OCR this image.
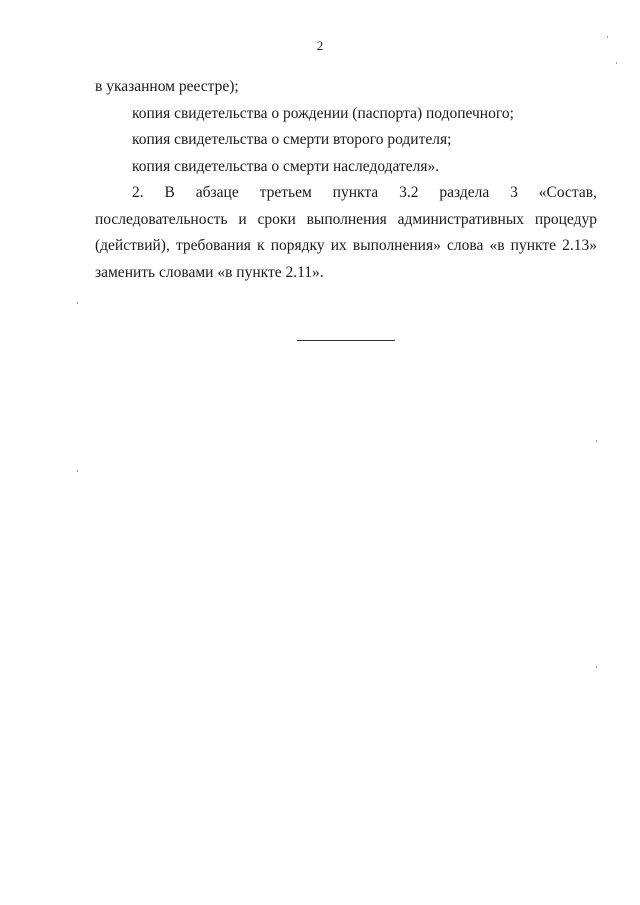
2

в указанном реестре);

копия свидетельства о рождении (паспорта) подопечного;

копия свидетельства о смерти второго родителя;

копия свидетельства о смерти наследодателя».

2. В абзаце третьем пункта 3.2 раздела 3 «Состав,

последовательность и сроки выполнения административных процедур

(действий), требования к порядку их выполнения» слова «в пункте 2.13»

заменить словами «в пункте 2.11».
